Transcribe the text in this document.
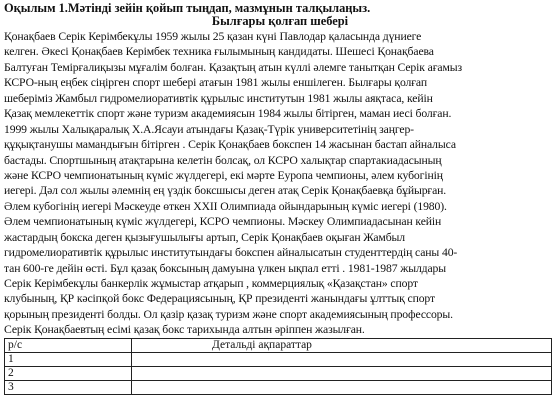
Оқылым 1.Мәтінді зейін қойып тыңдап, мазмұнын талқылаңыз.
Былғары қолғап шебері
Қонақбаев Серік Керімбекұлы 1959 жылы 25 қазан күні Павлодар қаласында дүниеге
келген. Әкесі Қонақбаев Керімбек техника ғылымының кандидаты. Шешесі Қонақбаева
Балтуған Темірғалиқызы мұғалім болған. Қазақтың атын күллі әлемге танытқан Серік ағамыз
КСРО-ның еңбек сіңірген спорт шебері атағын 1981 жылы еншілеген. Былғары қолғап
шеберіміз Жамбыл гидромелиоративтік құрылыс институтын 1981 жылы аяқтаса, кейін
Қазақ мемлекеттік спорт және туризм академиясын 1984 жылы бітірген, маман иесі болған.
1999 жылы Халықаралық Х.А.Ясауи атындағы Қазақ-Түрік университетінің заңгер-
құқықтанушы мамандығын бітірген . Серік Қонақбаев бокспен 14 жасынан бастап айналыса
бастады. Спортшының атақтарына келетін болсақ, ол КСРО халықтар спартакиадасының
және КСРО чемпионатының күміс жүлдегері, екі мәрте Еуропа чемпионы, әлем кубогінің
иегері. Дәл сол жылы әлемнің ең үздік боксшысы деген атақ Серік Қонақбаевқа бұйырған.
Әлем кубогінің иегері Мәскеуде өткен XXII Олимпиада ойындарының күміс иегері (1980).
Әлем чемпионатының күміс жүлдегері, КСРО чемпионы. Мәскеу Олимпиадасынан кейін
жастардың бокска деген қызығушылығы артып, Серік Қонақбаев оқыған Жамбыл
гидромелиоративтік құрылыс институтындағы бокспен айналысатын студенттердің саны 40-
тан 600-ге дейін өсті. Бұл қазақ боксының дамуына үлкен ықпал етті . 1981-1987 жылдары
Серік Керімбекұлы банкерлік жұмыстар атқарып , коммерциялық «Қазақстан» спорт
клубының, ҚР кәсіпқой бокс Федерациясының, ҚР президенті жанындағы ұлттық спорт
қорының президенті болды. Ол қазір қазақ туризм және спорт академиясының профессоры.
Серік Қонақбаевтың есімі қазақ бокс тарихында алтын әріппен жазылған.
р/с	Детальді ақпараттар
1	
2	
3	
